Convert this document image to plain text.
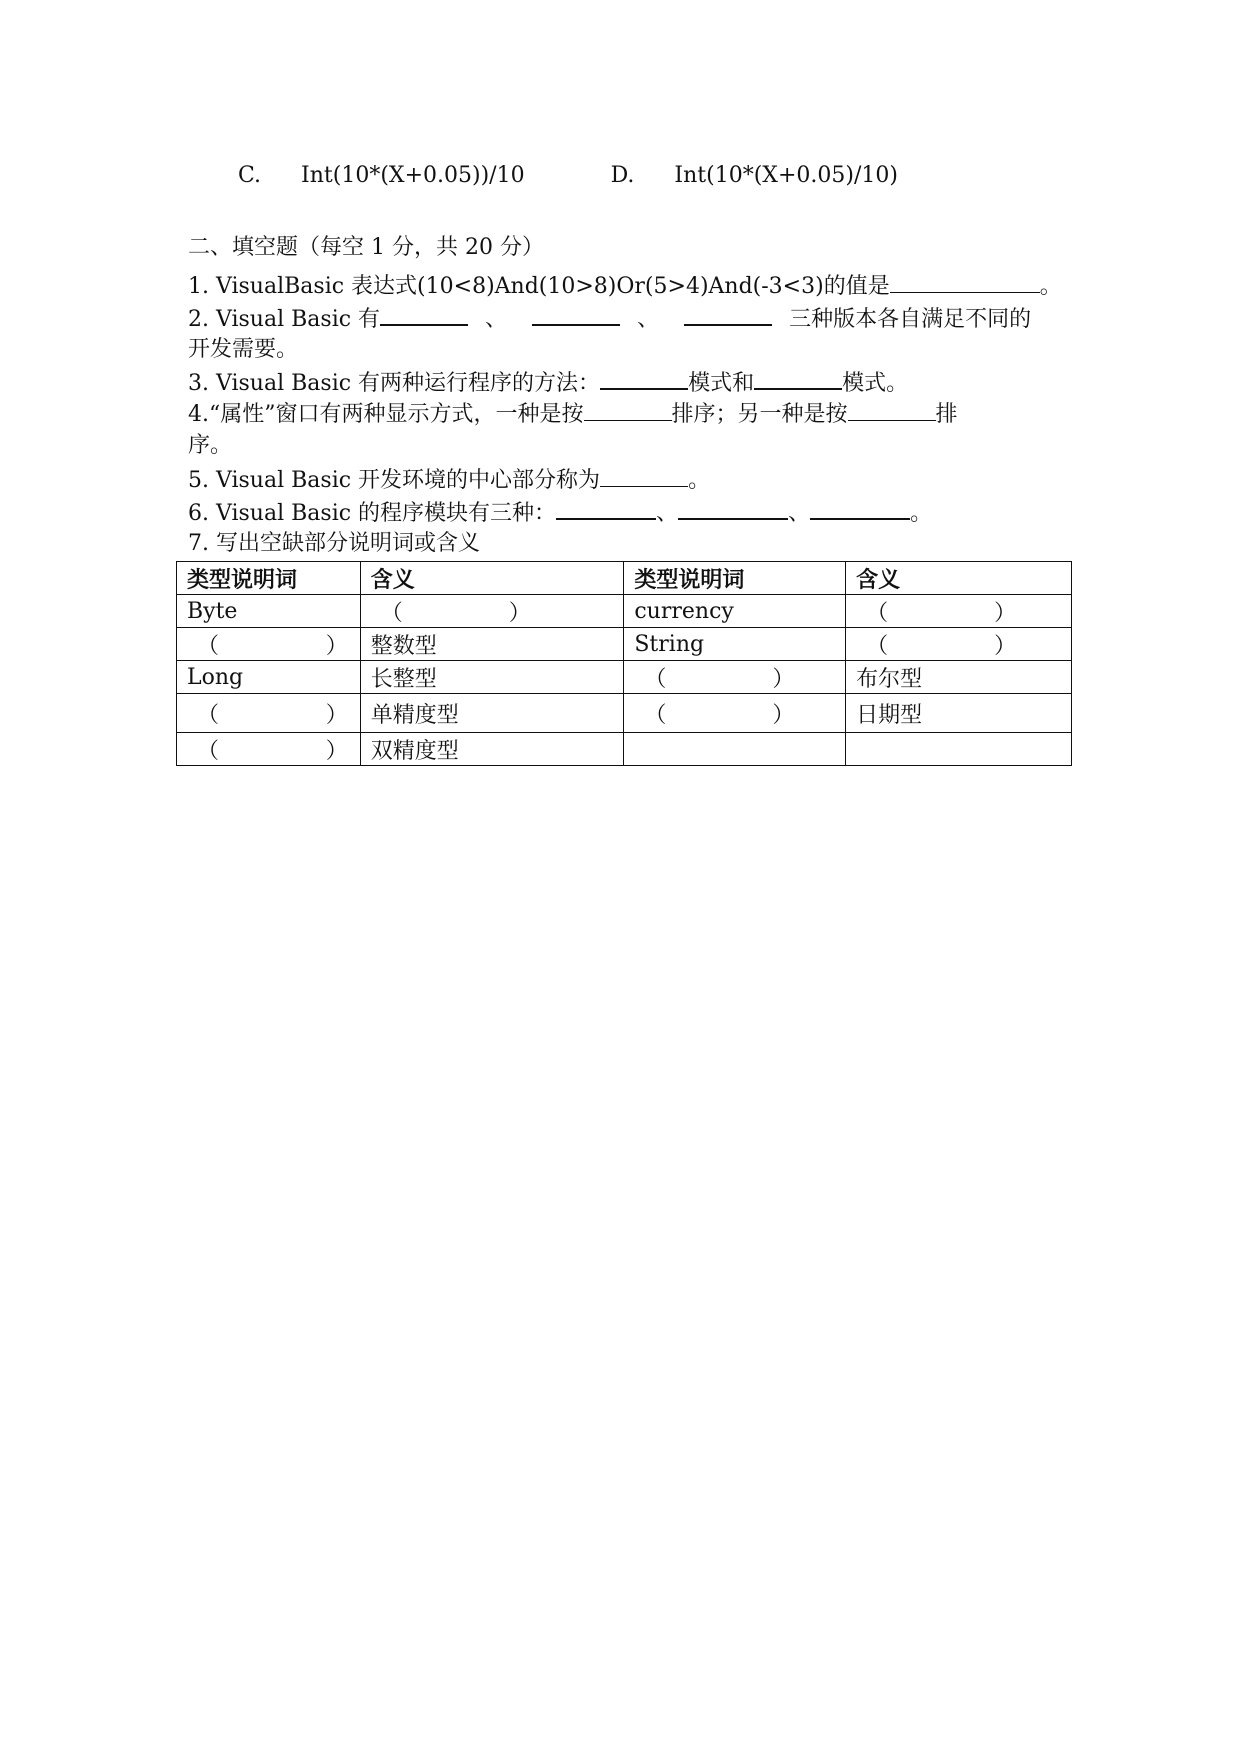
C. Int(10*(X+0.05))/10	D. Int(10*(X+0.05)/10)
二、填空题（每空 1 分，共 20 分）
1. VisualBasic 表达式(10<8)And(10>8)Or(5>4)And(-3<3)的值是	。
2. Visual Basic 有	、	、	三种版本各自满足不同的
开发需要。
3. Visual Basic 有两种运行程序的方法：	模式和	模式。
4.“属性”窗口有两种显示方式，一种是按	排序；另一种是按	排
序。
5. Visual Basic 开发环境的中心部分称为	。
6. Visual Basic 的程序模块有三种：	、	、	。
7. 写出空缺部分说明词或含义
类型说明词	含义	类型说明词	含义
Byte	（ ）	currency	（ ）

（ ）	整数型	String	（ ）

Long	长整型	（ ）	布尔型

（ ）	单精度型	（ ）	日期型

（ ）	双精度型		
